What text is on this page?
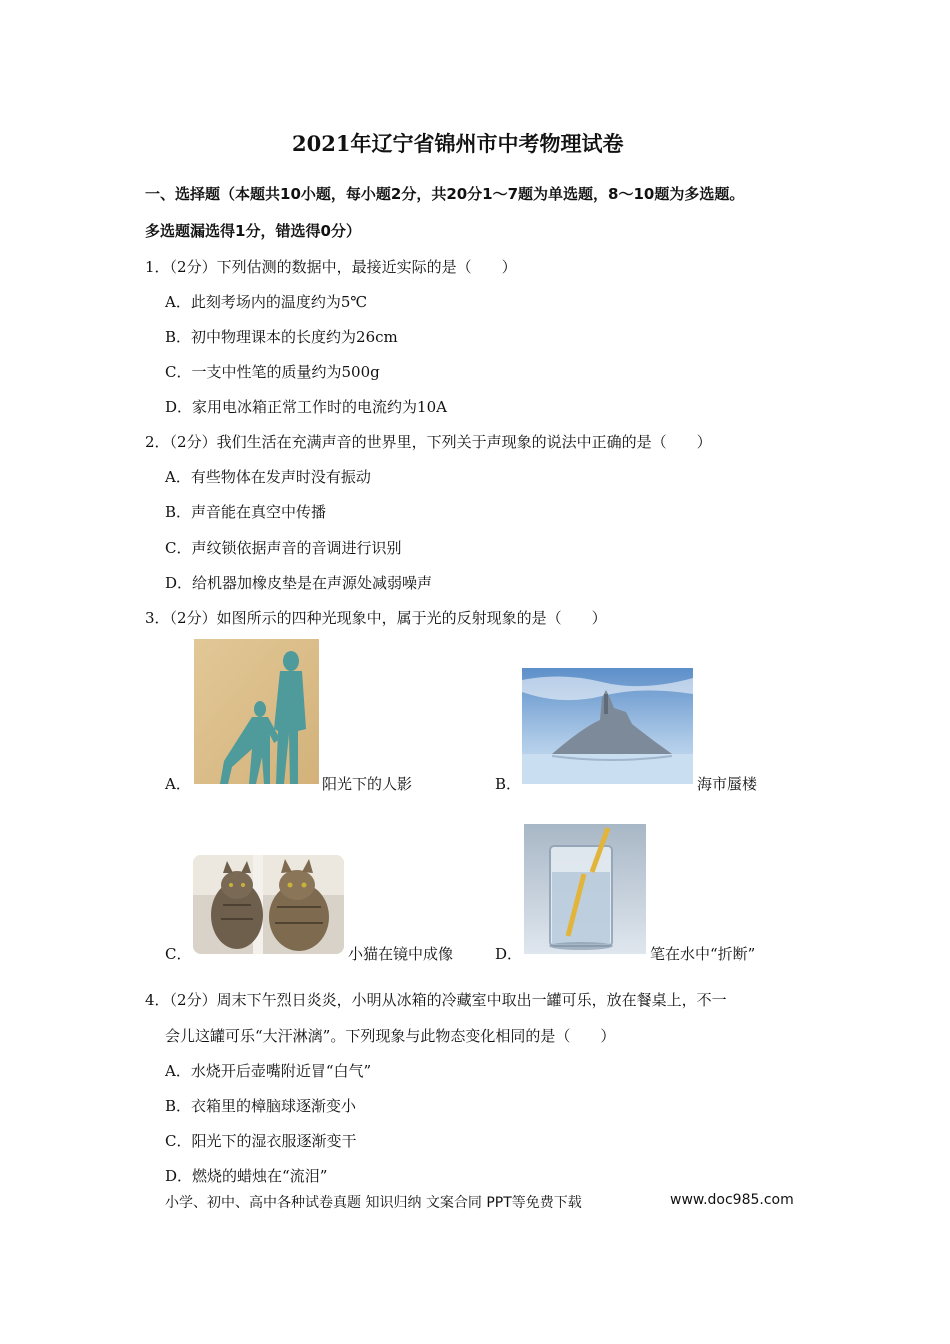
2021年辽宁省锦州市中考物理试卷
一、选择题（本题共10小题，每小题2分，共20分1～7题为单选题，8～10题为多选题。
多选题漏选得1分，错选得0分）
1．（2分）下列估测的数据中，最接近实际的是（　　）
A．此刻考场内的温度约为5℃
B．初中物理课本的长度约为26cm
C．一支中性笔的质量约为500g
D．家用电冰箱正常工作时的电流约为10A
2．（2分）我们生活在充满声音的世界里，下列关于声现象的说法中正确的是（　　）
A．有些物体在发声时没有振动
B．声音能在真空中传播
C．声纹锁依据声音的音调进行识别
D．给机器加橡皮垫是在声源处减弱噪声
3．（2分）如图所示的四种光现象中，属于光的反射现象的是（　　）
A．	阳光下的人影	B．	海市蜃楼
C．	小猫在镜中成像	D．	笔在水中“折断”
4．（2分）周末下午烈日炎炎，小明从冰箱的冷藏室中取出一罐可乐，放在餐桌上，不一
会儿这罐可乐“大汗淋漓”。下列现象与此物态变化相同的是（　　）
A．水烧开后壶嘴附近冒“白气”
B．衣箱里的樟脑球逐渐变小
C．阳光下的湿衣服逐渐变干
D．燃烧的蜡烛在“流泪”
小学、初中、高中各种试卷真题 知识归纳 文案合同 PPT等免费下载	www.doc985.com
